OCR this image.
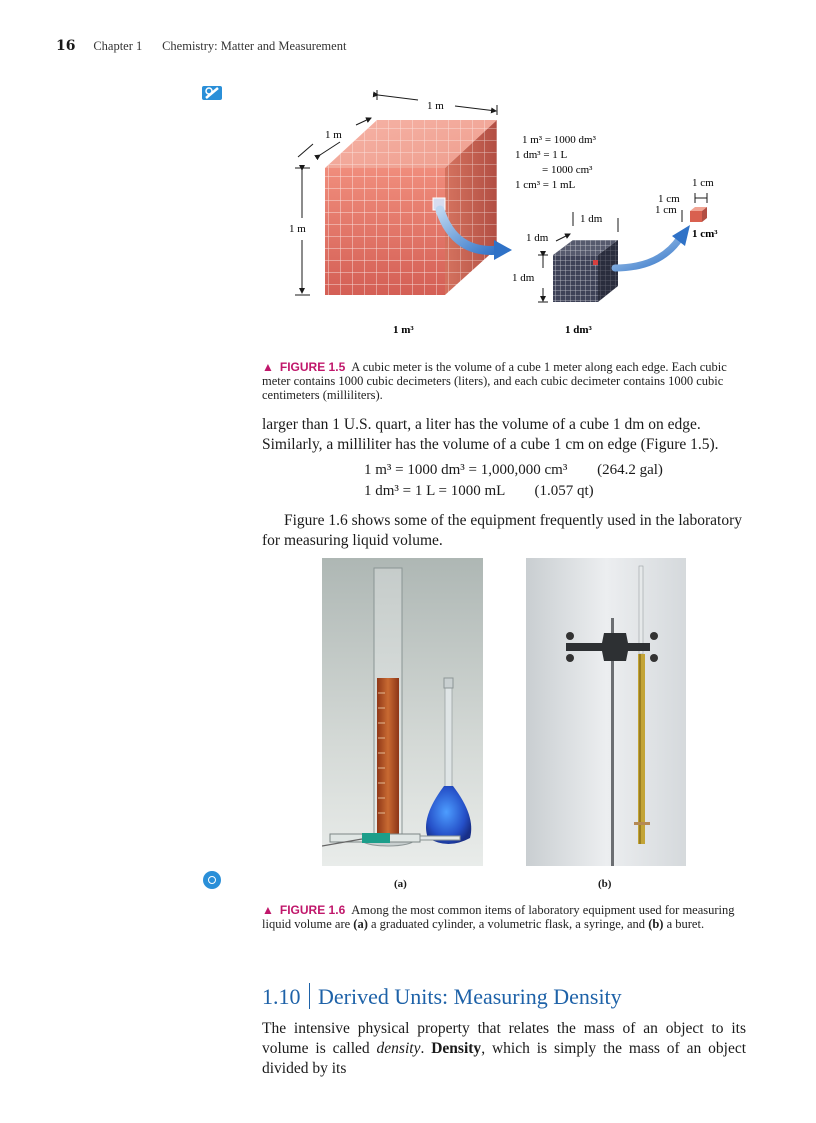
16 Chapter 1 Chemistry: Matter and Measurement
1 m
1 m
1 m
1 m³ = 1000 dm³
1 dm³ = 1 L
= 1000 cm³
1 cm³ = 1 mL
1 dm
1 dm
1 dm
1 cm
1 cm
1 cm
1 cm³
1 m³	1 dm³
▲ FIGURE 1.5 A cubic meter is the volume of a cube 1 meter along each edge. Each cubic meter contains 1000 cubic decimeters (liters), and each cubic decimeter contains 1000 cubic centimeters (milliliters).
larger than 1 U.S. quart, a liter has the volume of a cube 1 dm on edge. Similarly, a milliliter has the volume of a cube 1 cm on edge (Figure 1.5).
1 m³ = 1000 dm³ = 1,000,000 cm³ (264.2 gal)
1 dm³ = 1 L = 1000 mL (1.057 qt)
Figure 1.6 shows some of the equipment frequently used in the laboratory for measuring liquid volume.
(a)	(b)
▲ FIGURE 1.6 Among the most common items of laboratory equipment used for measuring liquid volume are (a) a graduated cylinder, a volumetric flask, a syringe, and (b) a buret.
1.10 Derived Units: Measuring Density
The intensive physical property that relates the mass of an object to its volume is called density. Density, which is simply the mass of an object divided by its
